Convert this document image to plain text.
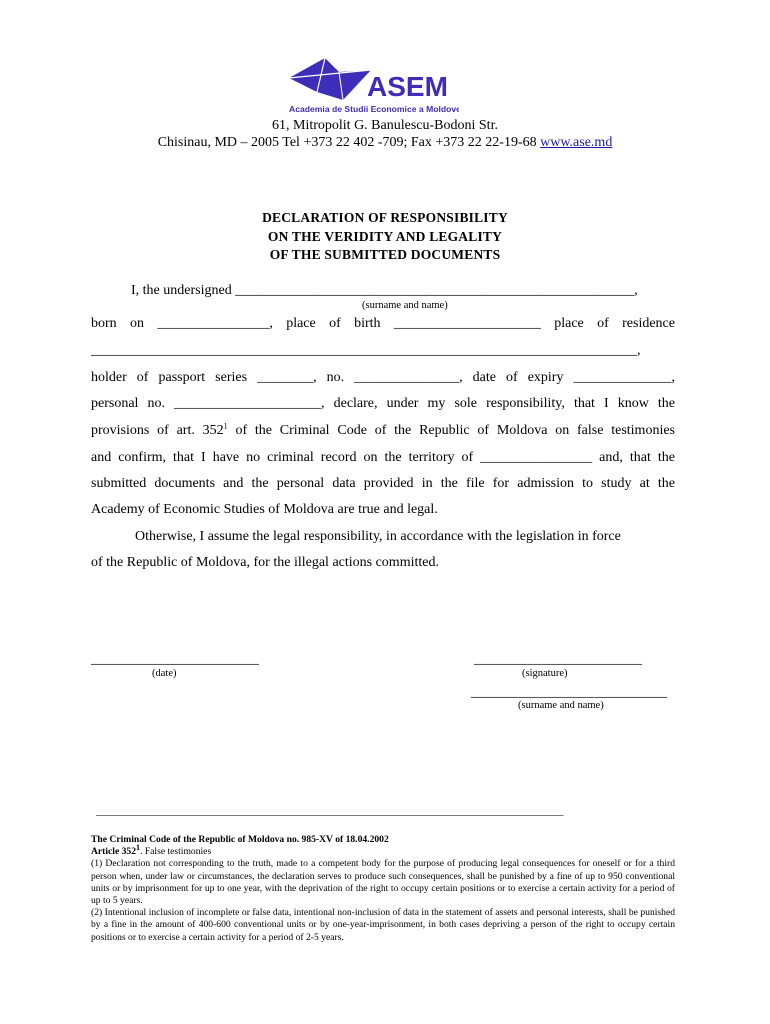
ASEM
Academia de Studii Economice a Moldovei
61, Mitropolit G. Banulescu-Bodoni Str.
Chisinau, MD – 2005 Tel +373 22 402 -709; Fax +373 22 22-19-68 www.ase.md
DECLARATION OF RESPONSIBILITY
ON THE VERIDITY AND LEGALITY
OF THE SUBMITTED DOCUMENTS
I, the undersigned _________________________________________________________,
(surname and name)
born on ________________, place of birth _____________________ place of residence
______________________________________________________________________________,
holder of passport series ________, no. _______________, date of expiry ______________,
personal no. _____________________, declare, under my sole responsibility, that I know the
provisions of art. $352^1$ of the Criminal Code of the Republic of Moldova on false testimonies
and confirm, that I have no criminal record on the territory of ________________ and, that the
submitted documents and the personal data provided in the file for admission to study at the
Academy of Economic Studies of Moldova are true and legal.
Otherwise, I assume the legal responsibility, in accordance with the legislation in force
of the Republic of Moldova, for the illegal actions committed.
________________________
(date)
________________________
(signature)
____________________________
(surname and name)
_____________________________________________________________________________________

The Criminal Code of the Republic of Moldova no. 985-XV of 18.04.2002

Article $352^1$. False testimonies

(1) Declaration not corresponding to the truth, made to a competent body for the purpose of producing legal consequences for oneself or for a third person when, under law or circumstances, the declaration serves to produce such consequences, shall be punished by a fine of up to 950 conventional units or by imprisonment for up to one year, with the deprivation of the right to occupy certain positions or to exercise a certain activity for a period of up to 5 years.

(2) Intentional inclusion of incomplete or false data, intentional non-inclusion of data in the statement of assets and personal interests, shall be punished by a fine in the amount of 400-600 conventional units or by one-year-imprisonment, in both cases depriving a person of the right to occupy certain positions or to exercise a certain activity for a period of 2-5 years.
